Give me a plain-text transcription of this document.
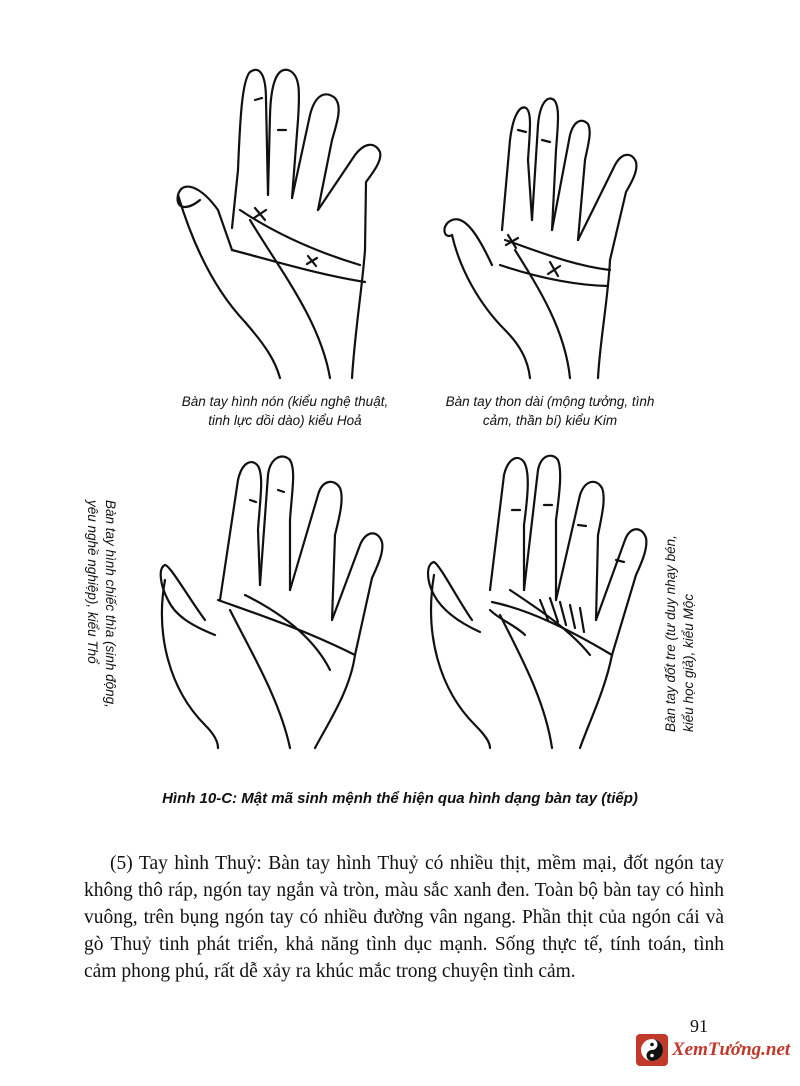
Bàn tay hình nón (kiểu nghệ thuật,
tinh lực dồi dào) kiểu Hoả
Bàn tay thon dài (mộng tưởng, tình
cảm, thần bí) kiểu Kim
Bàn tay hình chiếc thìa (sinh động,
yêu nghề nghiệp), kiểu Thổ	Bàn tay đốt tre (tư duy nhạy bén, kiểu học giả), kiểu Mộc
Hình 10-C: Mật mã sinh mệnh thể hiện qua hình dạng bàn tay (tiếp)

(5) Tay hình Thuỷ: Bàn tay hình Thuỷ có nhiều thịt, mềm mại, đốt ngón tay không thô ráp, ngón tay ngắn và tròn, màu sắc xanh đen. Toàn bộ bàn tay có hình vuông, trên bụng ngón tay có nhiều đường vân ngang. Phần thịt của ngón cái và gò Thuỷ tinh phát triển, khả năng tình dục mạnh. Sống thực tế, tính toán, tình cảm phong phú, rất dễ xảy ra khúc mắc trong chuyện tình cảm.

91
XemTướng.net
